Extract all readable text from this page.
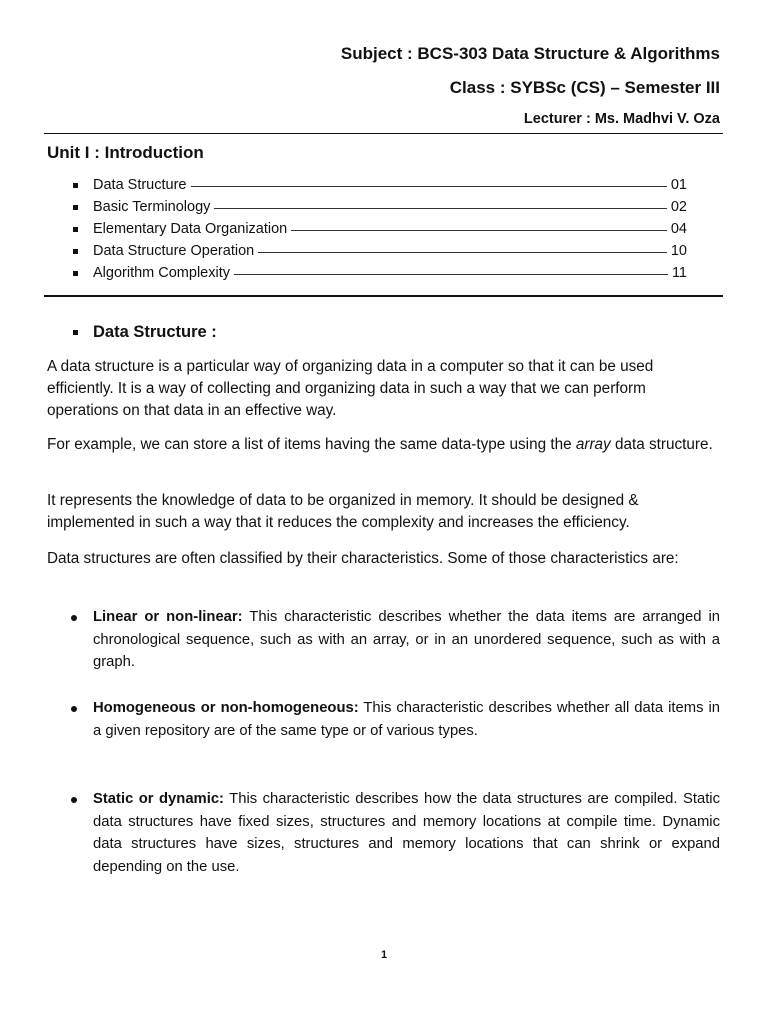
Subject : BCS-303 Data Structure & Algorithms
Class : SYBSc (CS) – Semester III
Lecturer : Ms. Madhvi V. Oza
Unit I : Introduction
Data Structure	01
Basic Terminology	02
Elementary Data Organization	04
Data Structure Operation	10
Algorithm Complexity	11
Data Structure :

A data structure is a particular way of organizing data in a computer so that it can be used efficiently. It is a way of collecting and organizing data in such a way that we can perform operations on that data in an effective way.

For example, we can store a list of items having the same data-type using the array data structure.

It represents the knowledge of data to be organized in memory. It should be designed & implemented in such a way that it reduces the complexity and increases the efficiency.

Data structures are often classified by their characteristics. Some of those characteristics are:

Linear or non-linear: This characteristic describes whether the data items are arranged in chronological sequence, such as with an array, or in an unordered sequence, such as with a graph.

Homogeneous or non-homogeneous: This characteristic describes whether all data items in a given repository are of the same type or of various types.

Static or dynamic: This characteristic describes how the data structures are compiled. Static data structures have fixed sizes, structures and memory locations at compile time. Dynamic data structures have sizes, structures and memory locations that can shrink or expand depending on the use.

1
